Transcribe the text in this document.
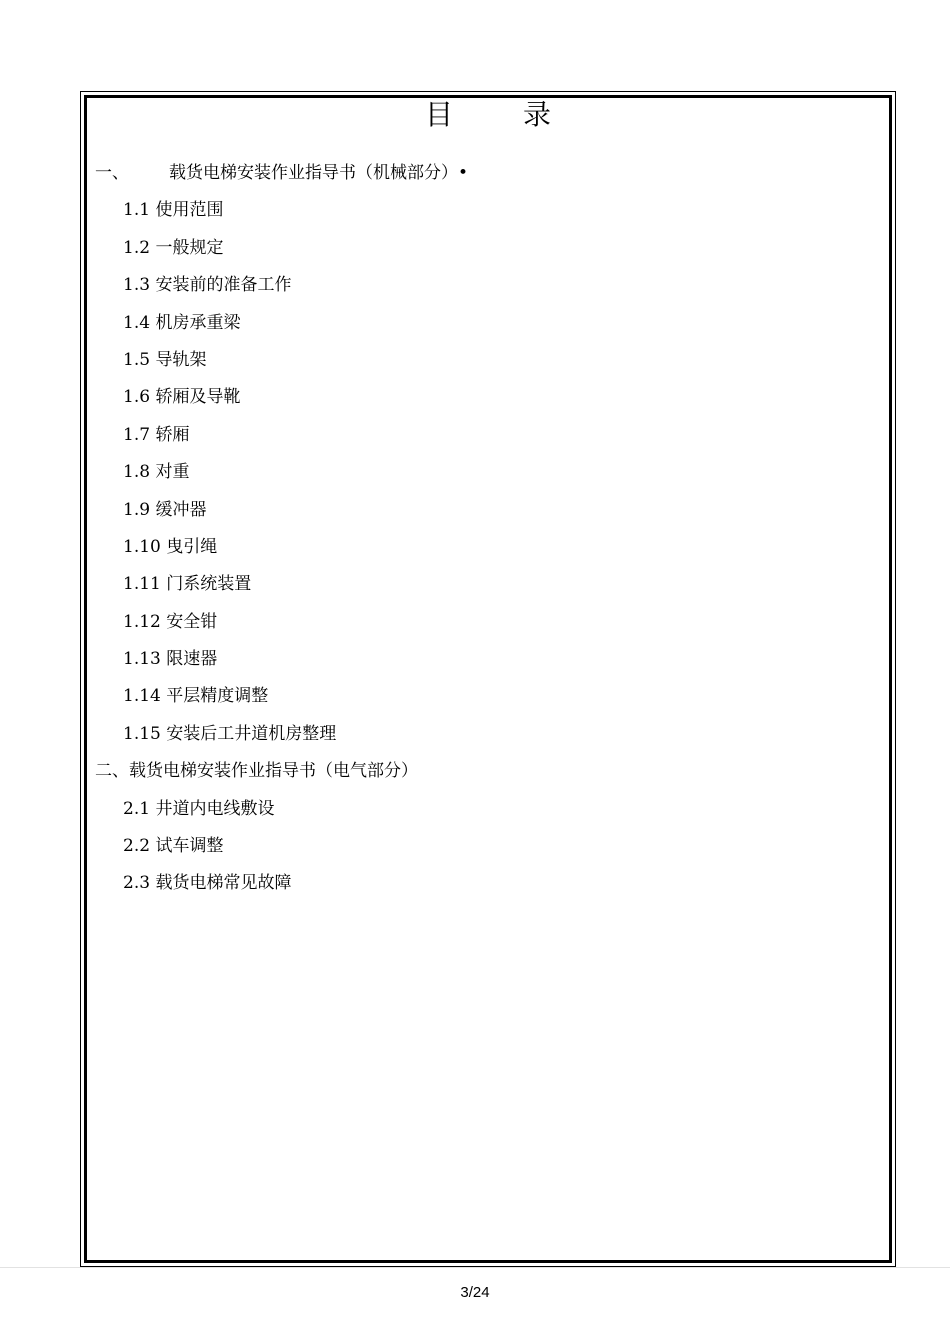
目	录
一、 载货电梯安装作业指导书（机械部分）•
1.1 使用范围
1.2 一般规定
1.3 安装前的准备工作
1.4 机房承重梁
1.5 导轨架
1.6 轿厢及导靴
1.7 轿厢
1.8 对重
1.9 缓冲器
1.10 曳引绳
1.11 门系统装置
1.12 安全钳
1.13 限速器
1.14 平层精度调整
1.15 安装后工井道机房整理
二、载货电梯安装作业指导书（电气部分）
2.1 井道内电线敷设
2.2 试车调整
2.3 载货电梯常见故障
3/24
